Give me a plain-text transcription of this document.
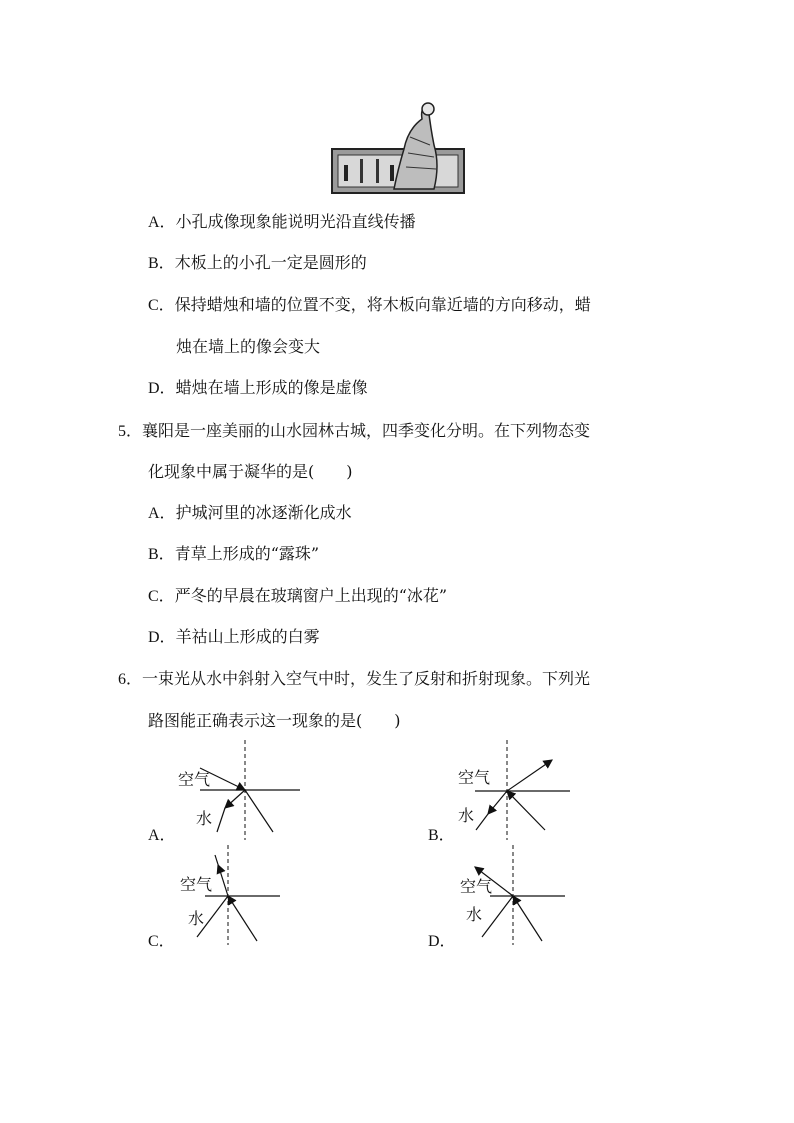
A．小孔成像现象能说明光沿直线传播
B．木板上的小孔一定是圆形的
C．保持蜡烛和墙的位置不变，将木板向靠近墙的方向移动，蜡
烛在墙上的像会变大
D．蜡烛在墙上形成的像是虚像
5．襄阳是一座美丽的山水园林古城，四季变化分明。在下列物态变
化现象中属于凝华的是(　　)
A．护城河里的冰逐渐化成水
B．青草上形成的“露珠”
C．严冬的早晨在玻璃窗户上出现的“冰花”
D．羊祜山上形成的白雾
6．一束光从水中斜射入空气中时，发生了反射和折射现象。下列光
路图能正确表示这一现象的是(　　)
A．
空气
水
B．
空气
水
C．
空气
水
D．
空气
水
